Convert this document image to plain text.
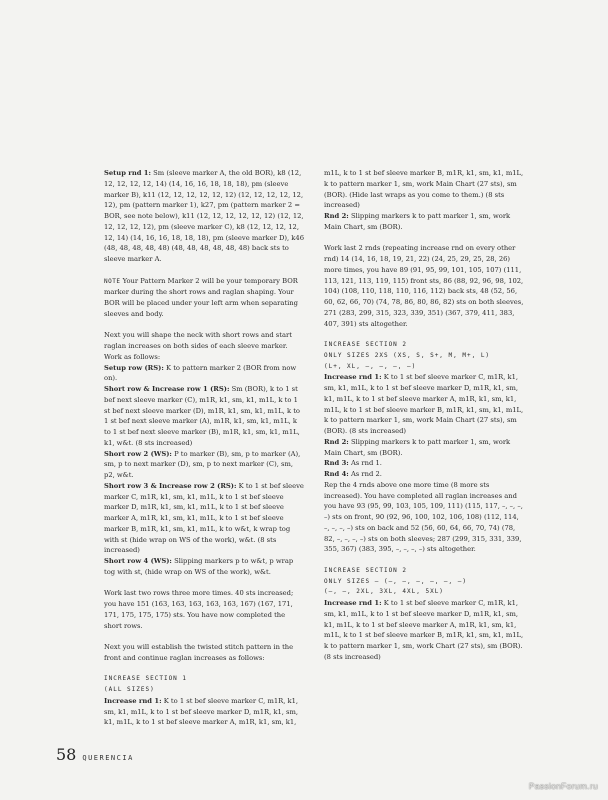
Setup rnd 1: Sm (sleeve marker A, the old BOR), k8 (12, 12, 12, 12, 12, 14) (14, 16, 16, 18, 18, 18), pm (sleeve marker B), k11 (12, 12, 12, 12, 12, 12) (12, 12, 12, 12, 12, 12), pm (pattern marker 1), k27, pm (pattern marker 2 = BOR, see note below), k11 (12, 12, 12, 12, 12, 12) (12, 12, 12, 12, 12, 12), pm (sleeve marker C), k8 (12, 12, 12, 12, 12, 14) (14, 16, 16, 18, 18, 18), pm (sleeve marker D), k46 (48, 48, 48, 48, 48) (48, 48, 48, 48, 48, 48) back sts to sleeve marker A.

NOTE Your Pattern Marker 2 will be your temporary BOR marker during the short rows and raglan shaping. Your BOR will be placed under your left arm when separating sleeves and body.

Next you will shape the neck with short rows and start raglan increases on both sides of each sleeve marker. Work as follows:

Setup row (RS): K to pattern marker 2 (BOR from now on).

Short row & Increase row 1 (RS): Sm (BOR), k to 1 st bef next sleeve marker (C), m1R, k1, sm, k1, m1L, k to 1 st bef next sleeve marker (D), m1R, k1, sm, k1, m1L, k to 1 st bef next sleeve marker (A), m1R, k1, sm, k1, m1L, k to 1 st bef next sleeve marker (B), m1R, k1, sm, k1, m1L, k1, w&t. (8 sts increased)

Short row 2 (WS): P to marker (B), sm, p to marker (A), sm, p to next marker (D), sm, p to next marker (C), sm, p2, w&t.

Short row 3 & Increase row 2 (RS): K to 1 st bef sleeve marker C, m1R, k1, sm, k1, m1L, k to 1 st bef sleeve marker D, m1R, k1, sm, k1, m1L, k to 1 st bef sleeve marker A, m1R, k1, sm, k1, m1L, k to 1 st bef sleeve marker B, m1R, k1, sm, k1, m1L, k to w&t, k wrap tog with st (hide wrap on WS of the work), w&t. (8 sts increased)

Short row 4 (WS): Slipping markers p to w&t, p wrap tog with st, (hide wrap on WS of the work), w&t.

Work last two rows three more times. 40 sts increased; you have 151 (163, 163, 163, 163, 163, 167) (167, 171, 171, 175, 175, 175) sts. You have now completed the short rows.

Next you will establish the twisted stitch pattern in the front and continue raglan increases as follows:

INCREASE SECTION 1

(ALL SIZES)

Increase rnd 1: K to 1 st bef sleeve marker C, m1R, k1, sm, k1, m1L, k to 1 st bef sleeve marker D, m1R, k1, sm, k1, m1L, k to 1 st bef sleeve marker A, m1R, k1, sm, k1,

m1L, k to 1 st bef sleeve marker B, m1R, k1, sm, k1, m1L, k to pattern marker 1, sm, work Main Chart (27 sts), sm (BOR). (Hide last wraps as you come to them.) (8 sts increased)

Rnd 2: Slipping markers k to patt marker 1, sm, work Main Chart, sm (BOR).

Work last 2 rnds (repeating increase rnd on every other rnd) 14 (14, 16, 18, 19, 21, 22) (24, 25, 29, 25, 28, 26) more times, you have 89 (91, 95, 99, 101, 105, 107) (111, 113, 121, 113, 119, 115) front sts, 86 (88, 92, 96, 98, 102, 104) (108, 110, 118, 110, 116, 112) back sts, 48 (52, 56, 60, 62, 66, 70) (74, 78, 86, 80, 86, 82) sts on both sleeves, 271 (283, 299, 315, 323, 339, 351) (367, 379, 411, 383, 407, 391) sts altogether.

INCREASE SECTION 2

ONLY SIZES 2XS (XS, S, S+, M, M+, L)

(L+, XL, –, –, –, –)

Increase rnd 1: K to 1 st bef sleeve marker C, m1R, k1, sm, k1, m1L, k to 1 st bef sleeve marker D, m1R, k1, sm, k1, m1L, k to 1 st bef sleeve marker A, m1R, k1, sm, k1, m1L, k to 1 st bef sleeve marker B, m1R, k1, sm, k1, m1L, k to pattern marker 1, sm, work Main Chart (27 sts), sm (BOR). (8 sts increased)

Rnd 2: Slipping markers k to patt marker 1, sm, work Main Chart, sm (BOR).

Rnd 3: As rnd 1.

Rnd 4: As rnd 2.

Rep the 4 rnds above one more time (8 more sts increased). You have completed all raglan increases and you have 93 (95, 99, 103, 105, 109, 111) (115, 117, –, –, –, –) sts on front, 90 (92, 96, 100, 102, 106, 108) (112, 114, –, –, –, –) sts on back and 52 (56, 60, 64, 66, 70, 74) (78, 82, –, –, –, –) sts on both sleeves; 287 (299, 315, 331, 339, 355, 367) (383, 395, –, –, –, –) sts altogether.

INCREASE SECTION 2

ONLY SIZES – (–, –, –, –, –, –)

(–, –, 2XL, 3XL, 4XL, 5XL)

Increase rnd 1: K to 1 st bef sleeve marker C, m1R, k1, sm, k1, m1L, k to 1 st bef sleeve marker D, m1R, k1, sm, k1, m1L, k to 1 st bef sleeve marker A, m1R, k1, sm, k1, m1L, k to 1 st bef sleeve marker B, m1R, k1, sm, k1, m1L, k to pattern marker 1, sm, work Chart (27 sts), sm (BOR). (8 sts increased)

58 QUERENCIA
PassionForum.ru
